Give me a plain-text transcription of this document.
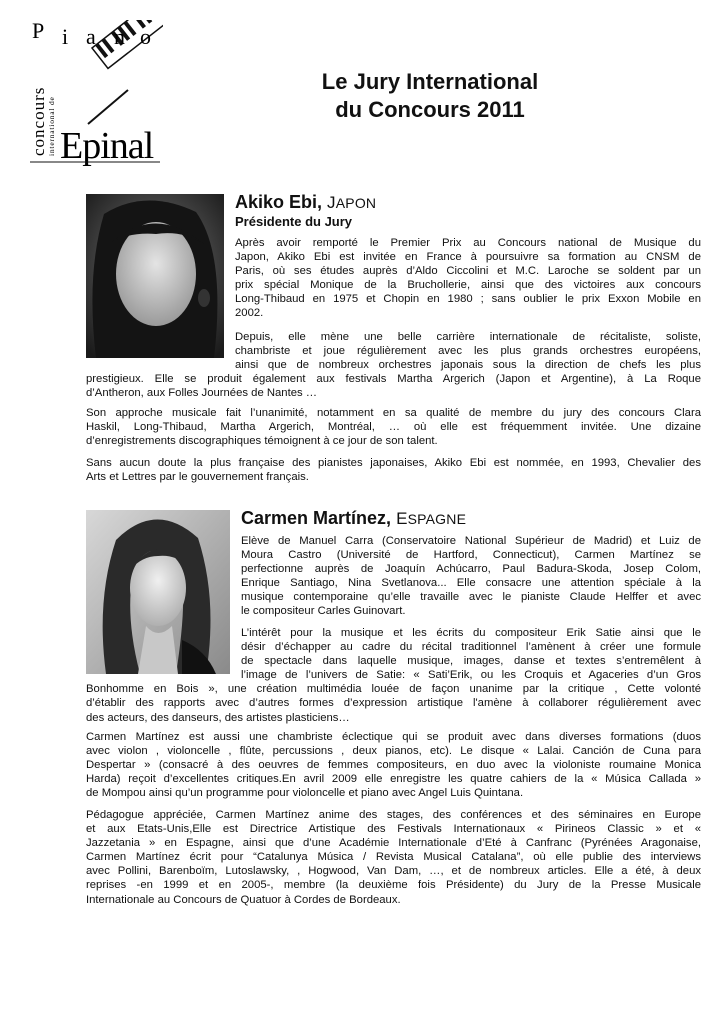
P i a n o
concours international de Epinal
Le Jury International
du Concours 2011
Akiko Ebi, JAPON
Présidente du Jury
Après avoir remporté le Premier Prix au Concours national de Musique du
Japon, Akiko Ebi est invitée en France à poursuivre sa formation au CNSM de
Paris, où ses études auprès d’Aldo Ciccolini et M.C. Laroche se soldent par un
prix spécial Monique de la Bruchollerie, ainsi que des victoires aux concours
Long-Thibaud en 1975 et Chopin en 1980 ; sans oublier le prix Exxon Mobile en
2002.
Depuis, elle mène une belle carrière internationale de récitaliste, soliste,
chambriste et joue régulièrement avec les plus grands orchestres européens,
ainsi que de nombreux orchestres japonais sous la direction de chefs les plus
prestigieux. Elle se produit également aux festivals Martha Argerich (Japon et Argentine), à La Roque
d’Antheron, aux Folles Journées de Nantes …
Son approche musicale fait l’unanimité, notamment en sa qualité de membre du jury des concours Clara
Haskil, Long-Thibaud, Martha Argerich, Montréal, … où elle est fréquemment invitée. Une dizaine
d’enregistrements discographiques témoignent à ce jour de son talent.
Sans aucun doute la plus française des pianistes japonaises, Akiko Ebi est nommée, en 1993, Chevalier des
Arts et Lettres par le gouvernement français.
Carmen Martínez, ESPAGNE
Elève de Manuel Carra (Conservatoire National Supérieur de Madrid) et Luiz de
Moura Castro (Université de Hartford, Connecticut), Carmen Martínez se
perfectionne auprès de Joaquín Achúcarro, Paul Badura-Skoda, Josep Colom,
Enrique Santiago, Nina Svetlanova... Elle consacre une attention spéciale à la
musique contemporaine qu’elle travaille avec le pianiste Claude Helffer et avec
le compositeur Carles Guinovart.
L’intérêt pour la musique et les écrits du compositeur Erik Satie ainsi que le
désir d’échapper au cadre du récital traditionnel l’amènent à créer une formule
de spectacle dans laquelle musique, images, danse et textes s’entremêlent à
l’image de l’univers de Satie: « Sati’Erik, ou les Croquis et Agaceries d’un Gros
Bonhomme en Bois », une création multimédia louée de façon unanime par la critique , Cette volonté
d’établir des rapports avec d’autres formes d’expression artistique l'amène à collaborer régulièrement avec
des acteurs, des danseurs, des artistes plasticiens…
Carmen Martínez est aussi une chambriste éclectique qui se produit avec dans diverses formations (duos
avec violon , violoncelle , flûte, percussions , deux pianos, etc). Le disque « Lalai. Canción de Cuna para
Despertar » (consacré à des oeuvres de femmes compositeurs, en duo avec la violoniste roumaine Monica
Harda) reçoit d’excellentes critiques.En avril 2009 elle enregistre les quatre cahiers de la « Música Callada »
de Mompou ainsi qu’un programme pour violoncelle et piano avec Angel Luis Quintana.
Pédagogue appréciée, Carmen Martínez anime des stages, des conférences et des séminaires en Europe
et aux Etats-Unis,Elle est Directrice Artistique des Festivals Internationaux « Pirineos Classic » et «
Jazzetania » en Espagne, ainsi que d’une Académie Internationale d’Eté à Canfranc (Pyrénées Aragonaise,
Carmen Martínez écrit pour “Catalunya Música / Revista Musical Catalana”, où elle publie des interviews
avec Pollini, Barenboïm, Lutoslawsky, , Hogwood, Van Dam, …, et de nombreux articles. Elle a été, à deux
reprises -en 1999 et en 2005-, membre (la deuxième fois Présidente) du Jury de la Presse Musicale
Internationale au Concours de Quatuor à Cordes de Bordeaux.
